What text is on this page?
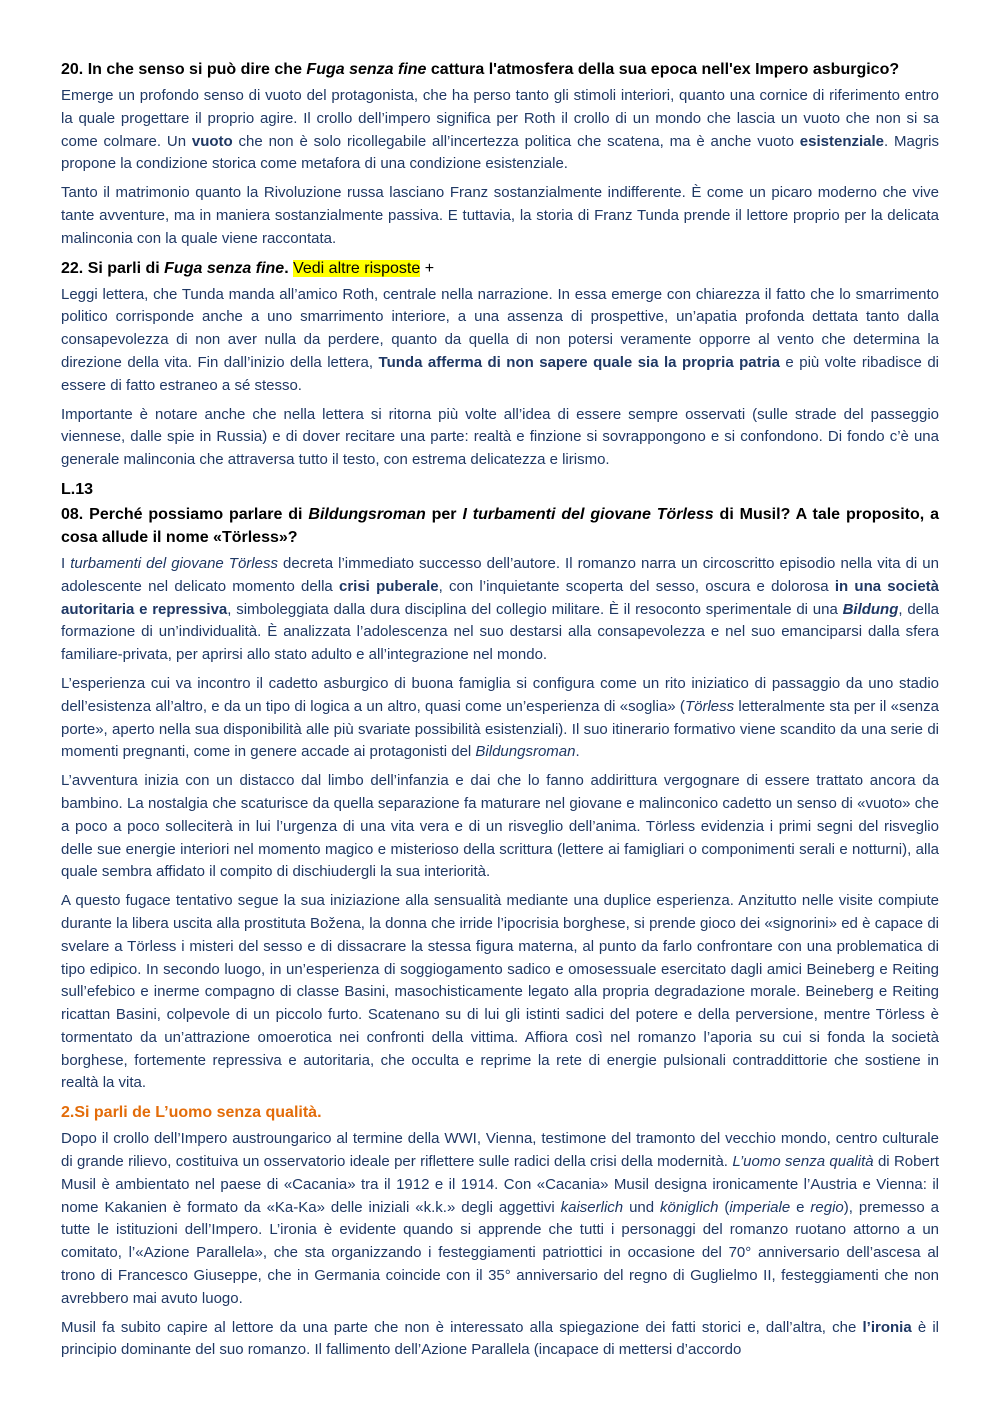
20. In che senso si può dire che Fuga senza fine cattura l'atmosfera della sua epoca nell'ex Impero asburgico?

Emerge un profondo senso di vuoto del protagonista, che ha perso tanto gli stimoli interiori, quanto una cornice di riferimento entro la quale progettare il proprio agire. Il crollo dell’impero significa per Roth il crollo di un mondo che lascia un vuoto che non si sa come colmare. Un vuoto che non è solo ricollegabile all’incertezza politica che scatena, ma è anche vuoto esistenziale. Magris propone la condizione storica come metafora di una condizione esistenziale.

Tanto il matrimonio quanto la Rivoluzione russa lasciano Franz sostanzialmente indifferente. È come un picaro moderno che vive tante avventure, ma in maniera sostanzialmente passiva. E tuttavia, la storia di Franz Tunda prende il lettore proprio per la delicata malinconia con la quale viene raccontata.

22. Si parli di Fuga senza fine. Vedi altre risposte +

Leggi lettera, che Tunda manda all’amico Roth, centrale nella narrazione. In essa emerge con chiarezza il fatto che lo smarrimento politico corrisponde anche a uno smarrimento interiore, a una assenza di prospettive, un’apatia profonda dettata tanto dalla consapevolezza di non aver nulla da perdere, quanto da quella di non potersi veramente opporre al vento che determina la direzione della vita. Fin dall’inizio della lettera, Tunda afferma di non sapere quale sia la propria patria e più volte ribadisce di essere di fatto estraneo a sé stesso.

Importante è notare anche che nella lettera si ritorna più volte all’idea di essere sempre osservati (sulle strade del passeggio viennese, dalle spie in Russia) e di dover recitare una parte: realtà e finzione si sovrappongono e si confondono. Di fondo c’è una generale malinconia che attraversa tutto il testo, con estrema delicatezza e lirismo.

L.13
08. Perché possiamo parlare di Bildungsroman per I turbamenti del giovane Törless di Musil? A tale proposito, a cosa allude il nome «Törless»?

I turbamenti del giovane Törless decreta l’immediato successo dell’autore. Il romanzo narra un circoscritto episodio nella vita di un adolescente nel delicato momento della crisi puberale, con l’inquietante scoperta del sesso, oscura e dolorosa in una società autoritaria e repressiva, simboleggiata dalla dura disciplina del collegio militare. È il resoconto sperimentale di una Bildung, della formazione di un’individualità. È analizzata l’adolescenza nel suo destarsi alla consapevolezza e nel suo emanciparsi dalla sfera familiare-privata, per aprirsi allo stato adulto e all’integrazione nel mondo.

L’esperienza cui va incontro il cadetto asburgico di buona famiglia si configura come un rito iniziatico di passaggio da uno stadio dell’esistenza all’altro, e da un tipo di logica a un altro, quasi come un’esperienza di «soglia» (Törless letteralmente sta per il «senza porte», aperto nella sua disponibilità alle più svariate possibilità esistenziali). Il suo itinerario formativo viene scandito da una serie di momenti pregnanti, come in genere accade ai protagonisti del Bildungsroman.

L’avventura inizia con un distacco dal limbo dell’infanzia e dai che lo fanno addirittura vergognare di essere trattato ancora da bambino. La nostalgia che scaturisce da quella separazione fa maturare nel giovane e malinconico cadetto un senso di «vuoto» che a poco a poco solleciterà in lui l’urgenza di una vita vera e di un risveglio dell’anima. Törless evidenzia i primi segni del risveglio delle sue energie interiori nel momento magico e misterioso della scrittura (lettere ai famigliari o componimenti serali e notturni), alla quale sembra affidato il compito di dischiudergli la sua interiorità.

A questo fugace tentativo segue la sua iniziazione alla sensualità mediante una duplice esperienza. Anzitutto nelle visite compiute durante la libera uscita alla prostituta Božena, la donna che irride l’ipocrisia borghese, si prende gioco dei «signorini» ed è capace di svelare a Törless i misteri del sesso e di dissacrare la stessa figura materna, al punto da farlo confrontare con una problematica di tipo edipico. In secondo luogo, in un’esperienza di soggiogamento sadico e omosessuale esercitato dagli amici Beineberg e Reiting sull’efebico e inerme compagno di classe Basini, masochisticamente legato alla propria degradazione morale. Beineberg e Reiting ricattan Basini, colpevole di un piccolo furto. Scatenano su di lui gli istinti sadici del potere e della perversione, mentre Törless è tormentato da un’attrazione omoerotica nei confronti della vittima. Affiora così nel romanzo l’aporia su cui si fonda la società borghese, fortemente repressiva e autoritaria, che occulta e reprime la rete di energie pulsionali contraddittorie che sostiene in realtà la vita.

2.Si parli de L’uomo senza qualità.

Dopo il crollo dell’Impero austroungarico al termine della WWI, Vienna, testimone del tramonto del vecchio mondo, centro culturale di grande rilievo, costituiva un osservatorio ideale per riflettere sulle radici della crisi della modernità. L’uomo senza qualità di Robert Musil è ambientato nel paese di «Cacania» tra il 1912 e il 1914. Con «Cacania» Musil designa ironicamente l’Austria e Vienna: il nome Kakanien è formato da «Ka-Ka» delle iniziali «k.k.» degli aggettivi kaiserlich und königlich (imperiale e regio), premesso a tutte le istituzioni dell’Impero. L’ironia è evidente quando si apprende che tutti i personaggi del romanzo ruotano attorno a un comitato, l’«Azione Parallela», che sta organizzando i festeggiamenti patriottici in occasione del 70° anniversario dell’ascesa al trono di Francesco Giuseppe, che in Germania coincide con il 35° anniversario del regno di Guglielmo II, festeggiamenti che non avrebbero mai avuto luogo.

Musil fa subito capire al lettore da una parte che non è interessato alla spiegazione dei fatti storici e, dall’altra, che l’ironia è il principio dominante del suo romanzo. Il fallimento dell’Azione Parallela (incapace di mettersi d’accordo
